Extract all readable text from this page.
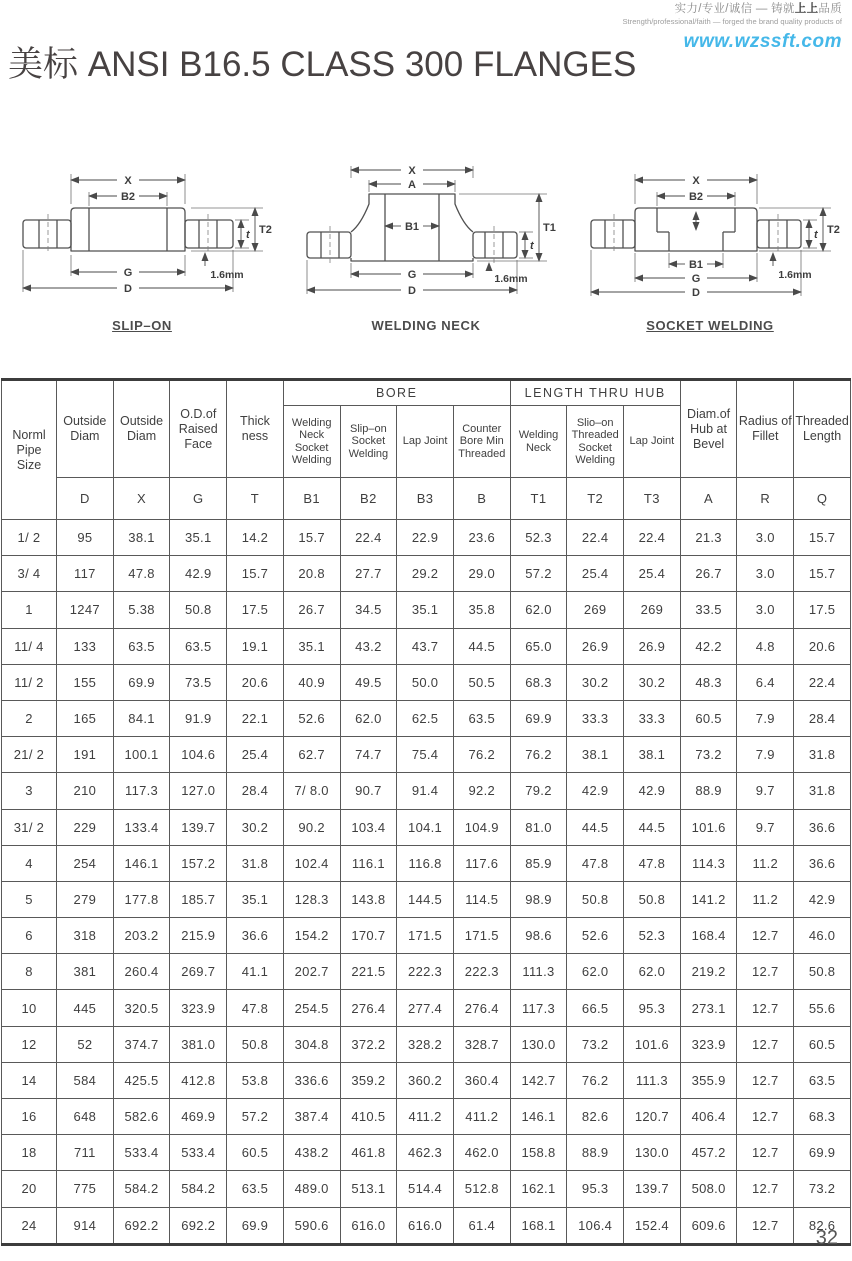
实力/专业/诚信 — 铸就上上品质
Strength/professional/faith — forged the brand quality products of
www.wzssft.com
美标 ANSI B16.5 CLASS 300 FLANGES
X
B2
T2
t
1.6mm
G
D
SLIP–ON
X
A
B1	T1
t
1.6mm
G
D
WELDING NECK
X
B2
T2
t
1.6mm
B1
G
D
SOCKET WELDING
Norml Pipe Size	Outside Diam	Outside Diam	O.D.of Raised Face	Thick ness	BORE				LENGTH THRU HUB			Diam.of Hub at Bevel	Radius of Fillet	Threaded Length
					Welding Neck Socket Welding	Slip–on Socket Welding	Lap Joint	Counter Bore Min Threaded	Welding Neck	Slio–on Threaded Socket Welding	Lap Joint			
	D	X	G	T	B1	B2	B3	B	T1	T2	T3	A	R	Q
1/ 2	95	38.1	35.1	14.2	15.7	22.4	22.9	23.6	52.3	22.4	22.4	21.3	3.0	15.7
3/ 4	117	47.8	42.9	15.7	20.8	27.7	29.2	29.0	57.2	25.4	25.4	26.7	3.0	15.7
1	1247	5.38	50.8	17.5	26.7	34.5	35.1	35.8	62.0	269	269	33.5	3.0	17.5
11/ 4	133	63.5	63.5	19.1	35.1	43.2	43.7	44.5	65.0	26.9	26.9	42.2	4.8	20.6
11/ 2	155	69.9	73.5	20.6	40.9	49.5	50.0	50.5	68.3	30.2	30.2	48.3	6.4	22.4
2	165	84.1	91.9	22.1	52.6	62.0	62.5	63.5	69.9	33.3	33.3	60.5	7.9	28.4
21/ 2	191	100.1	104.6	25.4	62.7	74.7	75.4	76.2	76.2	38.1	38.1	73.2	7.9	31.8
3	210	117.3	127.0	28.4	7/ 8.0	90.7	91.4	92.2	79.2	42.9	42.9	88.9	9.7	31.8
31/ 2	229	133.4	139.7	30.2	90.2	103.4	104.1	104.9	81.0	44.5	44.5	101.6	9.7	36.6
4	254	146.1	157.2	31.8	102.4	116.1	116.8	117.6	85.9	47.8	47.8	114.3	11.2	36.6
5	279	177.8	185.7	35.1	128.3	143.8	144.5	114.5	98.9	50.8	50.8	141.2	11.2	42.9
6	318	203.2	215.9	36.6	154.2	170.7	171.5	171.5	98.6	52.6	52.3	168.4	12.7	46.0
8	381	260.4	269.7	41.1	202.7	221.5	222.3	222.3	111.3	62.0	62.0	219.2	12.7	50.8
10	445	320.5	323.9	47.8	254.5	276.4	277.4	276.4	117.3	66.5	95.3	273.1	12.7	55.6
12	52	374.7	381.0	50.8	304.8	372.2	328.2	328.7	130.0	73.2	101.6	323.9	12.7	60.5
14	584	425.5	412.8	53.8	336.6	359.2	360.2	360.4	142.7	76.2	111.3	355.9	12.7	63.5
16	648	582.6	469.9	57.2	387.4	410.5	411.2	411.2	146.1	82.6	120.7	406.4	12.7	68.3
18	711	533.4	533.4	60.5	438.2	461.8	462.3	462.0	158.8	88.9	130.0	457.2	12.7	69.9
20	775	584.2	584.2	63.5	489.0	513.1	514.4	512.8	162.1	95.3	139.7	508.0	12.7	73.2
24	914	692.2	692.2	69.9	590.6	616.0	616.0	61.4	168.1	106.4	152.4	609.6	12.7	82.6
32
